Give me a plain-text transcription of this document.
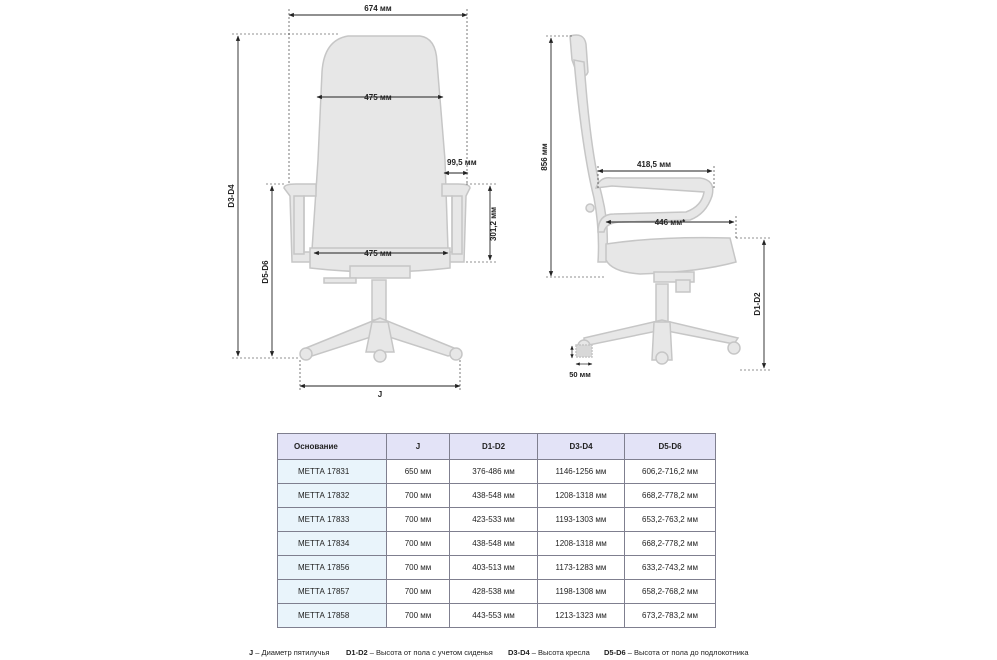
674 мм
475 мм
475 мм
99,5 мм
301,2 мм
D3-D4
D5-D6
J
856 мм	418,5 мм
446 мм*
D1-D2
50 мм
Основание	J	D1-D2	D3-D4	D5-D6
МЕТТА 17831	650 мм	376-486 мм	1146-1256 мм	606,2-716,2 мм
МЕТТА 17832	700 мм	438-548 мм	1208-1318 мм	668,2-778,2 мм
МЕТТА 17833	700 мм	423-533 мм	1193-1303 мм	653,2-763,2 мм
МЕТТА 17834	700 мм	438-548 мм	1208-1318 мм	668,2-778,2 мм
МЕТТА 17856	700 мм	403-513 мм	1173-1283 мм	633,2-743,2 мм
МЕТТА 17857	700 мм	428-538 мм	1198-1308 мм	658,2-768,2 мм
МЕТТА 17858	700 мм	443-553 мм	1213-1323 мм	673,2-783,2 мм
J – Диаметр пятилучья D1-D2 – Высота от пола с учетом сиденья D3-D4 – Высота кресла D5-D6 – Высота от пола до подлокотника
